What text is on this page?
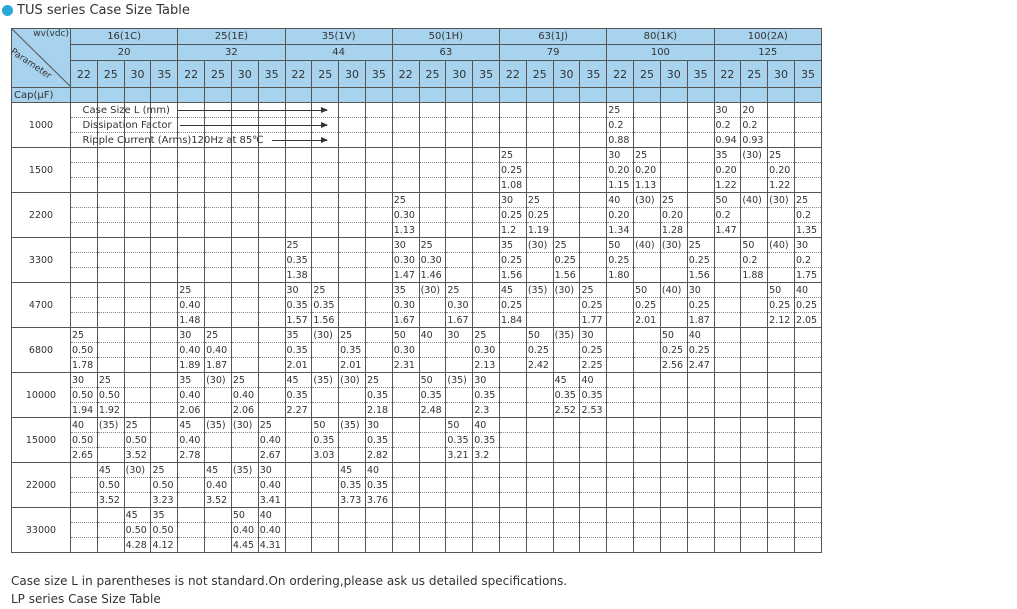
TUS series Case Size Table
wv(vdc)
Parameter	16(1C)				25(1E)				35(1V)				50(1H)				63(1J)				80(1K)				100(2A)			
	20				32				44				63				79				100				125			
	22	25	30	35	22	25	30	35	22	25	30	35	22	25	30	35	22	25	30	35	22	25	30	35	22	25	30	35
Cap(μF)																												
1000																					25				30	20		
																					0.2				0.2	0.2		
																					0.88				0.94	0.93		
1500																	25				30	25			35	(30)	25	
																	0.25				0.20	0.20			0.20		0.20	
																	1.08				1.15	1.13			1.22		1.22	
2200													25				30	25			40	(30)	25		50	(40)	(30)	25
													0.30				0.25	0.25			0.20		0.20		0.2			0.2
													1.13				1.2	1.19			1.34		1.28		1.47			1.35
3300									25				30	25			35	(30)	25		50	(40)	(30)	25		50	(40)	30
									0.35				0.30	0.30			0.25		0.25		0.25			0.25		0.2		0.2
									1.38				1.47	1.46			1.56		1.56		1.80			1.56		1.88		1.75
4700					25				30	25			35	(30)	25		45	(35)	(30)	25		50	(40)	30			50	40
					0.40				0.35	0.35			0.30		0.30		0.25			0.25		0.25		0.25			0.25	0.25
					1.48				1.57	1.56			1.67		1.67		1.84			1.77		2.01		1.87			2.12	2.05
6800	25				30	25			35	(30)	25		50	40	30	25		50	(35)	30			50	40				
	0.50				0.40	0.40			0.35		0.35		0.30			0.30		0.25		0.25			0.25	0.25				
	1.78				1.89	1.87			2.01		2.01		2.31			2.13		2.42		2.25			2.56	2.47				
10000	30	25			35	(30)	25		45	(35)	(30)	25		50	(35)	30			45	40								
	0.50	0.50			0.40		0.40		0.35			0.35		0.35		0.35			0.35	0.35								
	1.94	1.92			2.06		2.06		2.27			2.18		2.48		2.3			2.52	2.53								
15000	40	(35)	25		45	(35)	(30)	25		50	(35)	30			50	40												
	0.50		0.50		0.40			0.40		0.35		0.35			0.35	0.35												
	2.65		3.52		2.78			2.67		3.03		2.82			3.21	3.2												
22000		45	(30)	25		45	(35)	30			45	40																
		0.50		0.50		0.40		0.40			0.35	0.35																
		3.52		3.23		3.52		3.41			3.73	3.76																
33000			45	35			50	40																				
			0.50	0.50			0.40	0.40																				
			4.28	4.12			4.45	4.31																				
Case Size L (mm)
Dissipation Factor
Ripple Current (Arms)120Hz at 85℃
Case size L in parentheses is not standard.On ordering,please ask us detailed specifications.
LP series Case Size Table
